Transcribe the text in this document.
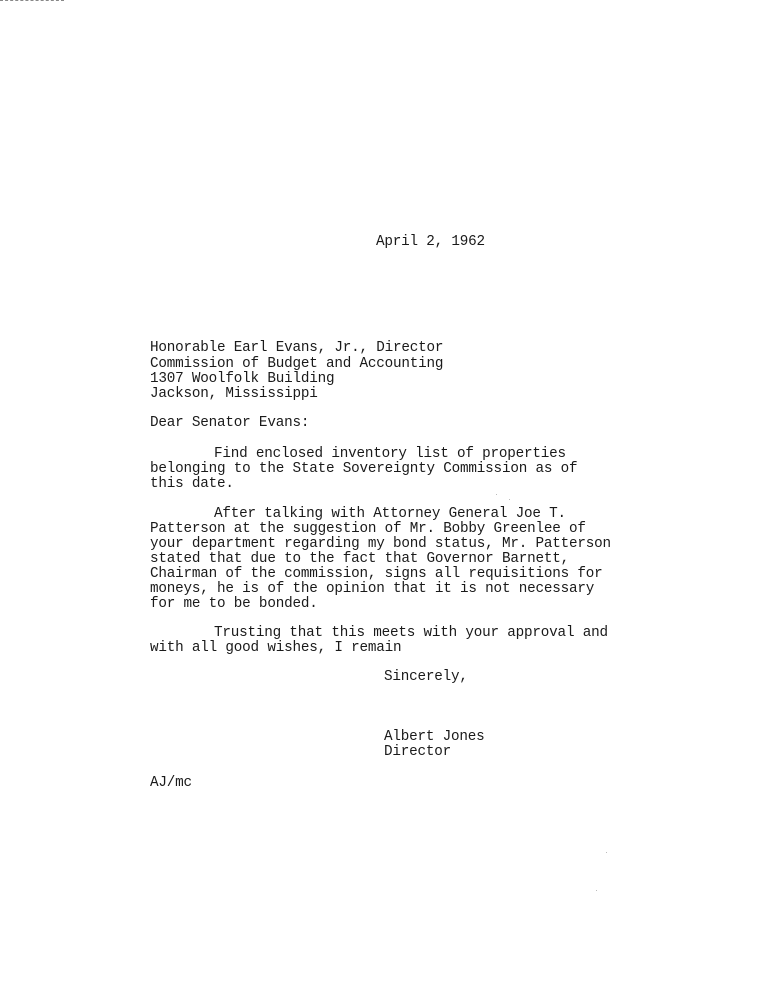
April 2, 1962
Honorable Earl Evans, Jr., Director
Commission of Budget and Accounting
1307 Woolfolk Building
Jackson, Mississippi
Dear Senator Evans:
Find enclosed inventory list of properties
belonging to the State Sovereignty Commission as of
this date.
After talking with Attorney General Joe T.
Patterson at the suggestion of Mr. Bobby Greenlee of
your department regarding my bond status, Mr. Patterson
stated that due to the fact that Governor Barnett,
Chairman of the commission, signs all requisitions for
moneys, he is of the opinion that it is not necessary
for me to be bonded.
Trusting that this meets with your approval and
with all good wishes, I remain
Sincerely,
Albert Jones
Director
AJ/mc
